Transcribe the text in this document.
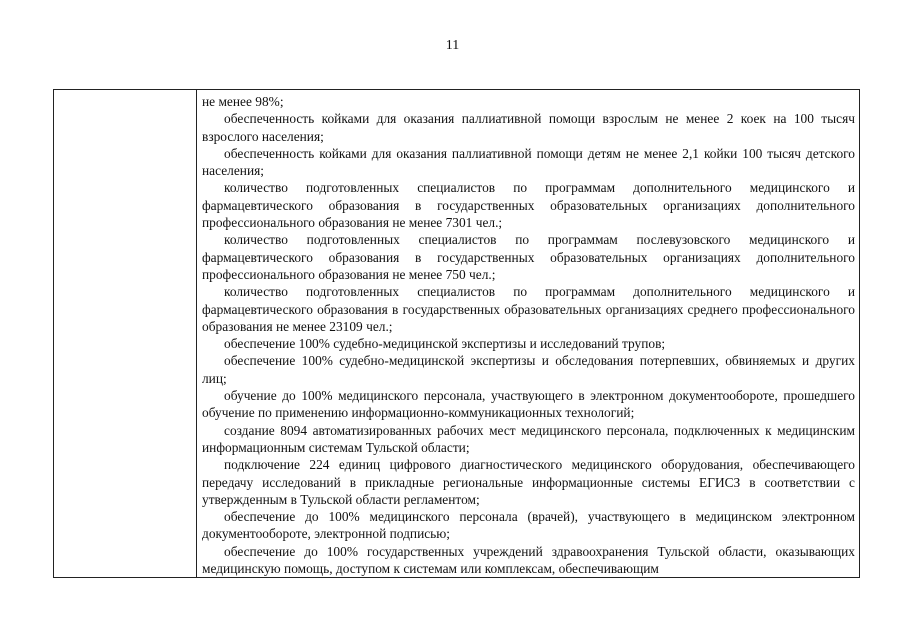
11

не менее 98%;

обеспеченность койками для оказания паллиативной помощи взрослым не менее 2 коек на 100 тысяч взрослого населения;

обеспеченность койками для оказания паллиативной помощи детям не менее 2,1 койки 100 тысяч детского населения;

количество подготовленных специалистов по программам дополнительного медицинского и фармацевтического образования в государственных образовательных организациях дополнительного профессионального образования не менее 7301 чел.;

количество подготовленных специалистов по программам послевузовского медицинского и фармацевтического образования в государственных образовательных организациях дополнительного профессионального образования не менее 750 чел.;

количество подготовленных специалистов по программам дополнительного медицинского и фармацевтического образования в государственных образовательных организациях среднего профессионального образования не менее 23109 чел.;

обеспечение 100% судебно-медицинской экспертизы и исследований трупов;

обеспечение 100% судебно-медицинской экспертизы и обследования потерпевших, обвиняемых и других лиц;

обучение до 100% медицинского персонала, участвующего в электронном документообороте, прошедшего обучение по применению информационно-коммуникационных технологий;

создание 8094 автоматизированных рабочих мест медицинского персонала, подключенных к медицинским информационным системам Тульской области;

подключение 224 единиц цифрового диагностического медицинского оборудования, обеспечивающего передачу исследований в прикладные региональные информационные системы ЕГИСЗ в соответствии с утвержденным в Тульской области регламентом;

обеспечение до 100% медицинского персонала (врачей), участвующего в медицинском электронном документообороте, электронной подписью;

обеспечение до 100% государственных учреждений здравоохранения Тульской области, оказывающих медицинскую помощь, доступом к системам или комплексам, обеспечивающим
